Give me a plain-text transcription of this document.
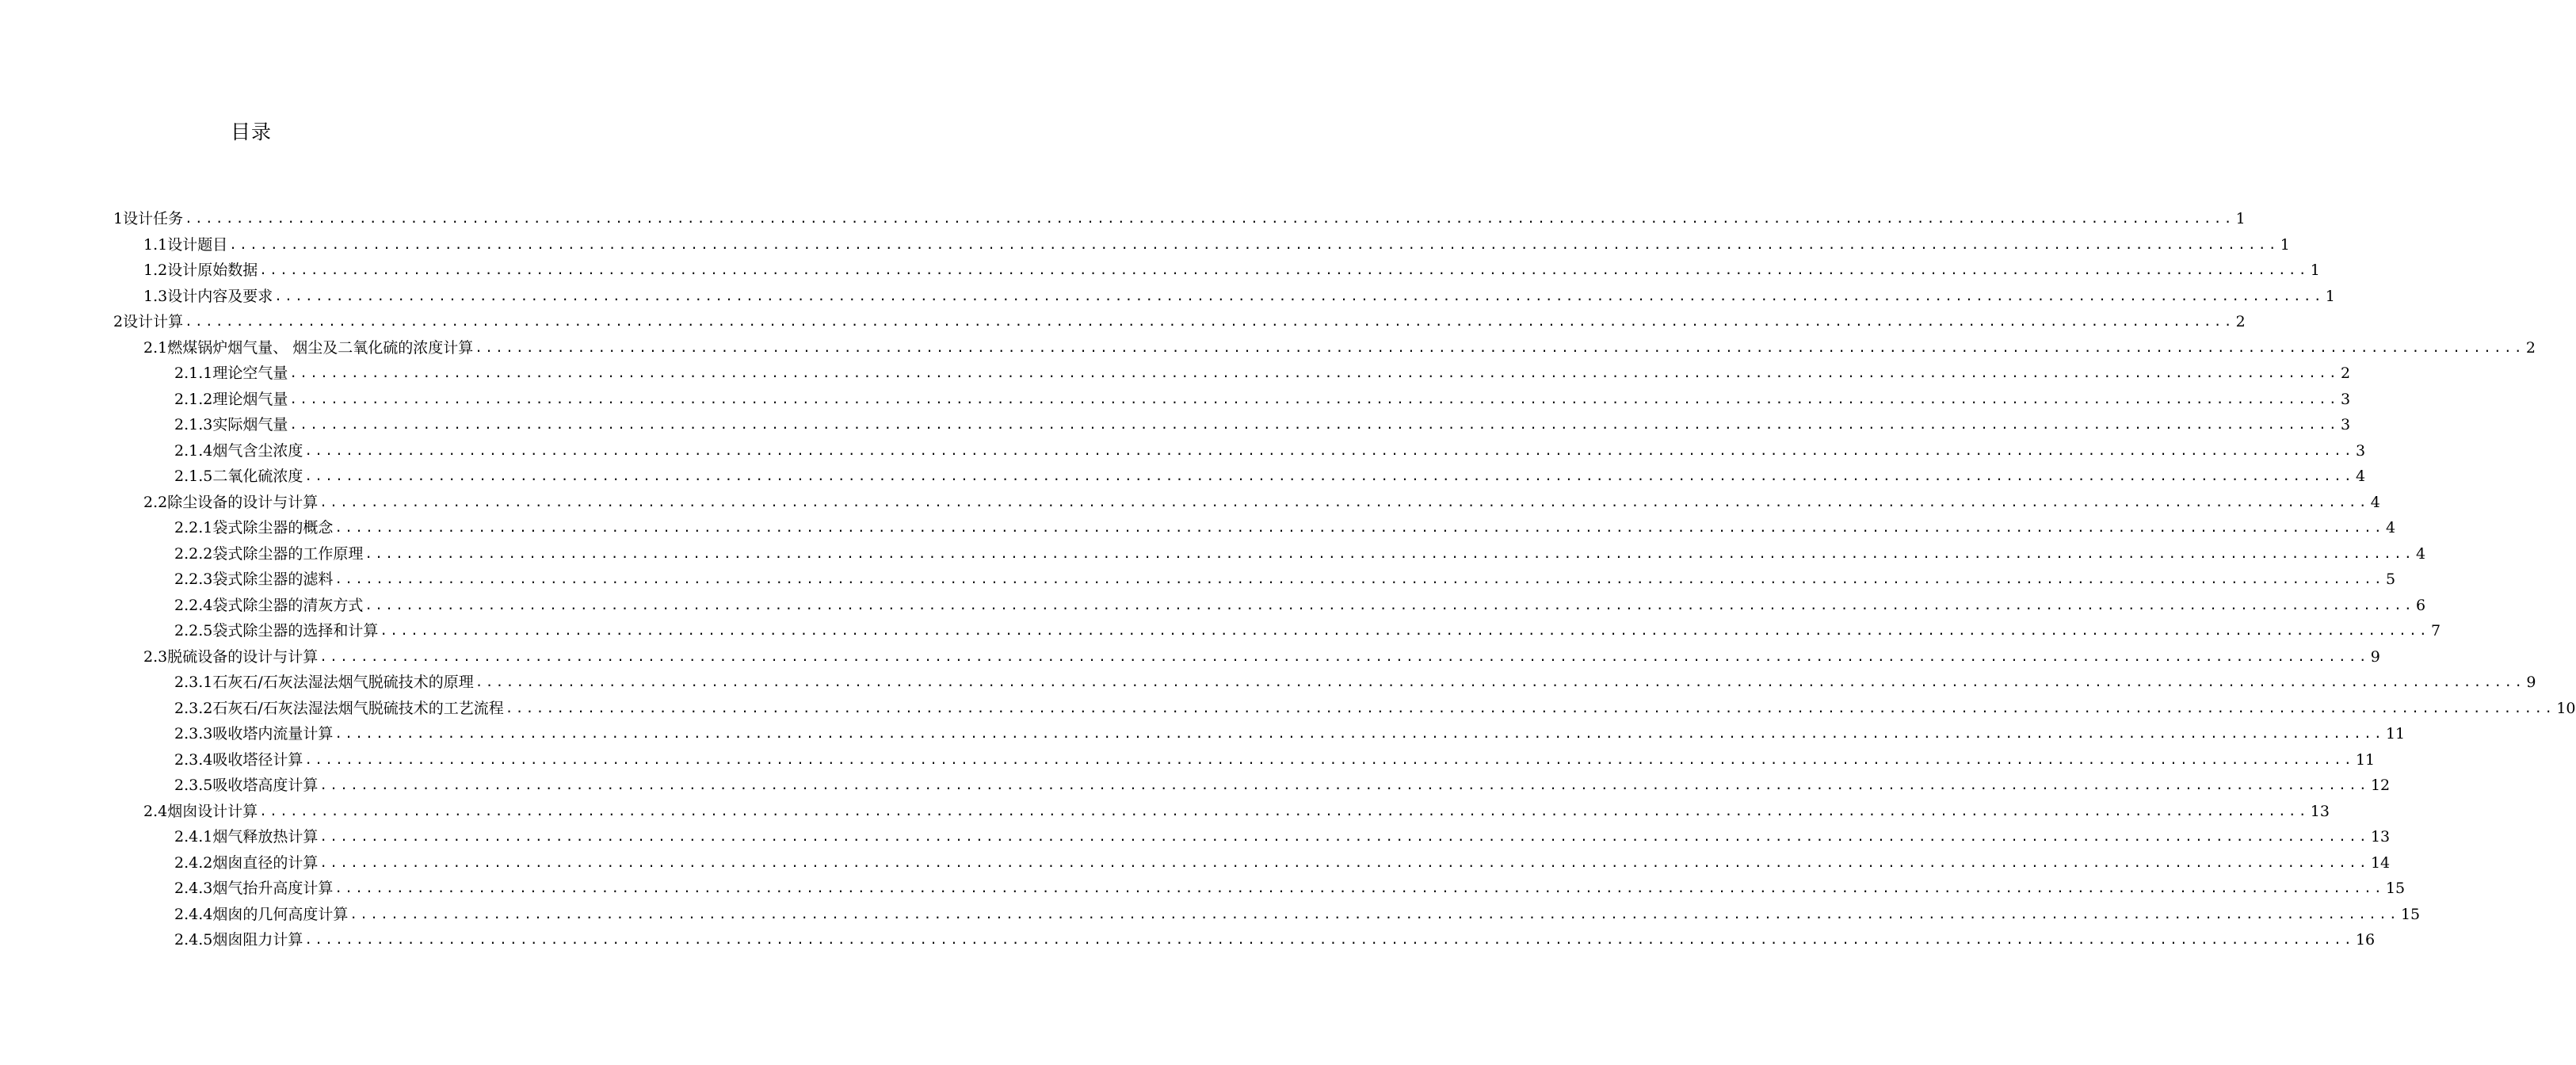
目录
1设计任务 ........................................................................................................................................................................................................ 1
1.1设计题目 ........................................................................................................................................................................................................ 1
1.2设计原始数据 ........................................................................................................................................................................................................ 1
1.3设计内容及要求 ........................................................................................................................................................................................................ 1
2设计计算 ........................................................................................................................................................................................................ 2
2.1燃煤锅炉烟气量、 烟尘及二氧化硫的浓度计算 ........................................................................................................................................................................................................ 2
2.1.1理论空气量 ........................................................................................................................................................................................................ 2
2.1.2理论烟气量 ........................................................................................................................................................................................................ 3
2.1.3实际烟气量 ........................................................................................................................................................................................................ 3
2.1.4烟气含尘浓度 ........................................................................................................................................................................................................ 3
2.1.5二氧化硫浓度 ........................................................................................................................................................................................................ 4
2.2除尘设备的设计与计算 ........................................................................................................................................................................................................ 4
2.2.1袋式除尘器的概念 ........................................................................................................................................................................................................ 4
2.2.2袋式除尘器的工作原理 ........................................................................................................................................................................................................ 4
2.2.3袋式除尘器的滤料 ........................................................................................................................................................................................................ 5
2.2.4袋式除尘器的清灰方式 ........................................................................................................................................................................................................ 6
2.2.5袋式除尘器的选择和计算 ........................................................................................................................................................................................................ 7
2.3脱硫设备的设计与计算 ........................................................................................................................................................................................................ 9
2.3.1石灰石/石灰法湿法烟气脱硫技术的原理 ........................................................................................................................................................................................................ 9
2.3.2石灰石/石灰法湿法烟气脱硫技术的工艺流程 ........................................................................................................................................................................................................ 10
2.3.3吸收塔内流量计算 ........................................................................................................................................................................................................ 11
2.3.4吸收塔径计算 ........................................................................................................................................................................................................ 11
2.3.5吸收塔高度计算 ........................................................................................................................................................................................................ 12
2.4烟囱设计计算 ........................................................................................................................................................................................................ 13
2.4.1烟气释放热计算 ........................................................................................................................................................................................................ 13
2.4.2烟囱直径的计算 ........................................................................................................................................................................................................ 14
2.4.3烟气抬升高度计算 ........................................................................................................................................................................................................ 15
2.4.4烟囱的几何高度计算 ........................................................................................................................................................................................................ 15
2.4.5烟囱阻力计算 ........................................................................................................................................................................................................ 16
